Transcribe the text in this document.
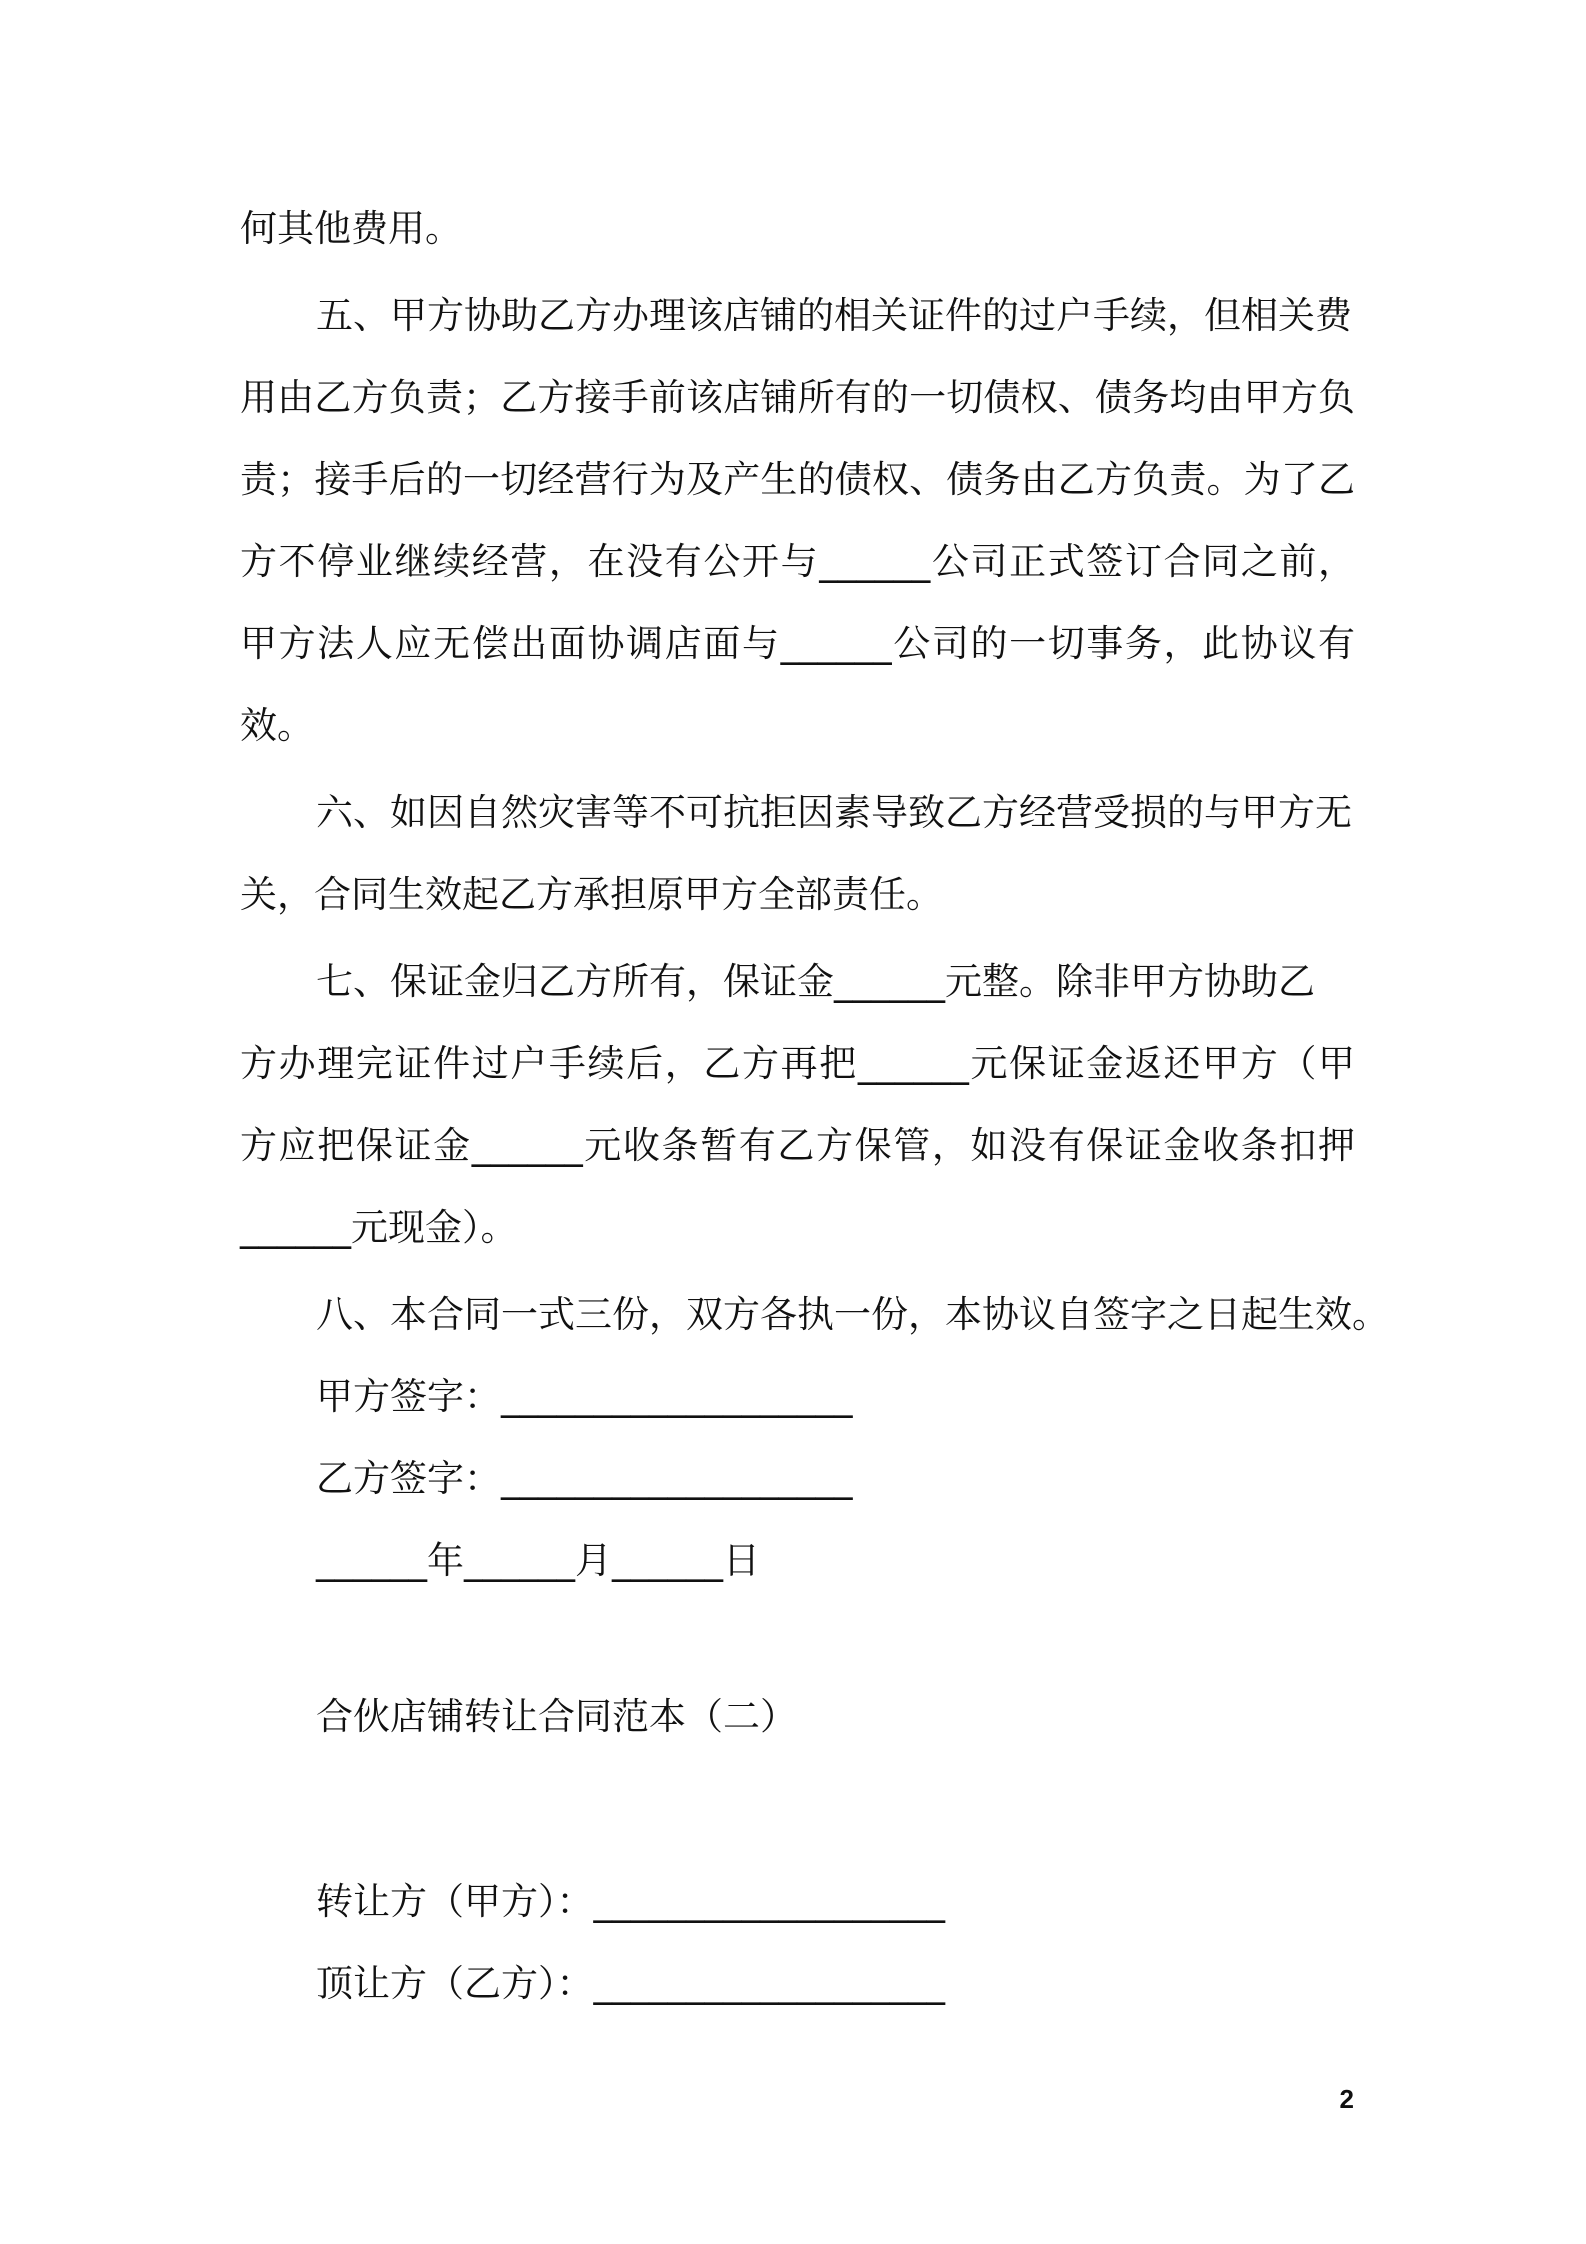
何其他费用。
五、甲方协助乙方办理该店铺的相关证件的过户手续，但相关费
用由乙方负责；乙方接手前该店铺所有的一切债权、债务均由甲方负
责；接手后的一切经营行为及产生的债权、债务由乙方负责。为了乙
方不停业继续经营，在没有公开与______公司正式签订合同之前，
甲方法人应无偿出面协调店面与______公司的一切事务，此协议有
效。
六、如因自然灾害等不可抗拒因素导致乙方经营受损的与甲方无
关，合同生效起乙方承担原甲方全部责任。
七、保证金归乙方所有，保证金______元整。除非甲方协助乙
方办理完证件过户手续后，乙方再把______元保证金返还甲方（甲
方应把保证金______元收条暂有乙方保管，如没有保证金收条扣押
______元现金）。
八、本合同一式三份，双方各执一份，本协议自签字之日起生效。
甲方签字：___________________
乙方签字：___________________
______年______月______日
合伙店铺转让合同范本（二）
转让方（甲方）：___________________
顶让方（乙方）：___________________
2
